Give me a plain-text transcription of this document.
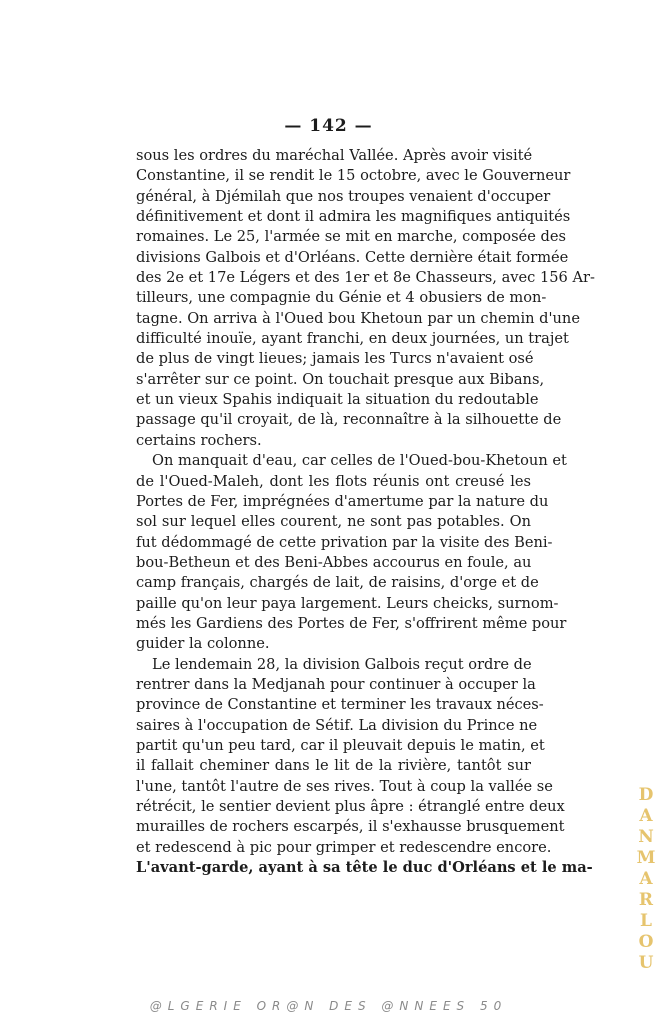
— 142 —
sous les ordres du maréchal Vallée. Après avoir visité
Constantine, il se rendit le 15 octobre, avec le Gouverneur
général, à Djémilah que nos troupes venaient d'occuper
définitivement et dont il admira les magnifiques antiquités
romaines. Le 25, l'armée se mit en marche, composée des
divisions Galbois et d'Orléans. Cette dernière était formée
des 2e et 17e Légers et des 1er et 8e Chasseurs, avec 156 Ar-
tilleurs, une compagnie du Génie et 4 obusiers de mon-
tagne. On arriva à l'Oued bou Khetoun par un chemin d'une
difficulté inouïe, ayant franchi, en deux journées, un trajet
de plus de vingt lieues; jamais les Turcs n'avaient osé
s'arrêter sur ce point. On touchait presque aux Bibans,
et un vieux Spahis indiquait la situation du redoutable
passage qu'il croyait, de là, reconnaître à la silhouette de
certains rochers.
On manquait d'eau, car celles de l'Oued-bou-Khetoun et
de l'Oued-Maleh, dont les flots réunis ont creusé les
Portes de Fer, imprégnées d'amertume par la nature du
sol sur lequel elles courent, ne sont pas potables. On
fut dédommagé de cette privation par la visite des Beni-
bou-Betheun et des Beni-Abbes accourus en foule, au
camp français, chargés de lait, de raisins, d'orge et de
paille qu'on leur paya largement. Leurs cheicks, surnom-
més les Gardiens des Portes de Fer, s'offrirent même pour
guider la colonne.
Le lendemain 28, la division Galbois reçut ordre de
rentrer dans la Medjanah pour continuer à occuper la
province de Constantine et terminer les travaux néces-
saires à l'occupation de Sétif. La division du Prince ne
partit qu'un peu tard, car il pleuvait depuis le matin, et
il fallait cheminer dans le lit de la rivière, tantôt sur
l'une, tantôt l'autre de ses rives. Tout à coup la vallée se
rétrécit, le sentier devient plus âpre : étranglé entre deux
murailles de rochers escarpés, il s'exhausse brusquement
et redescend à pic pour grimper et redescendre encore.
L'avant-garde, ayant à sa tête le duc d'Orléans et le ma-	DANMARLOU
@LGERIE OR@N DES @NNEES 50
